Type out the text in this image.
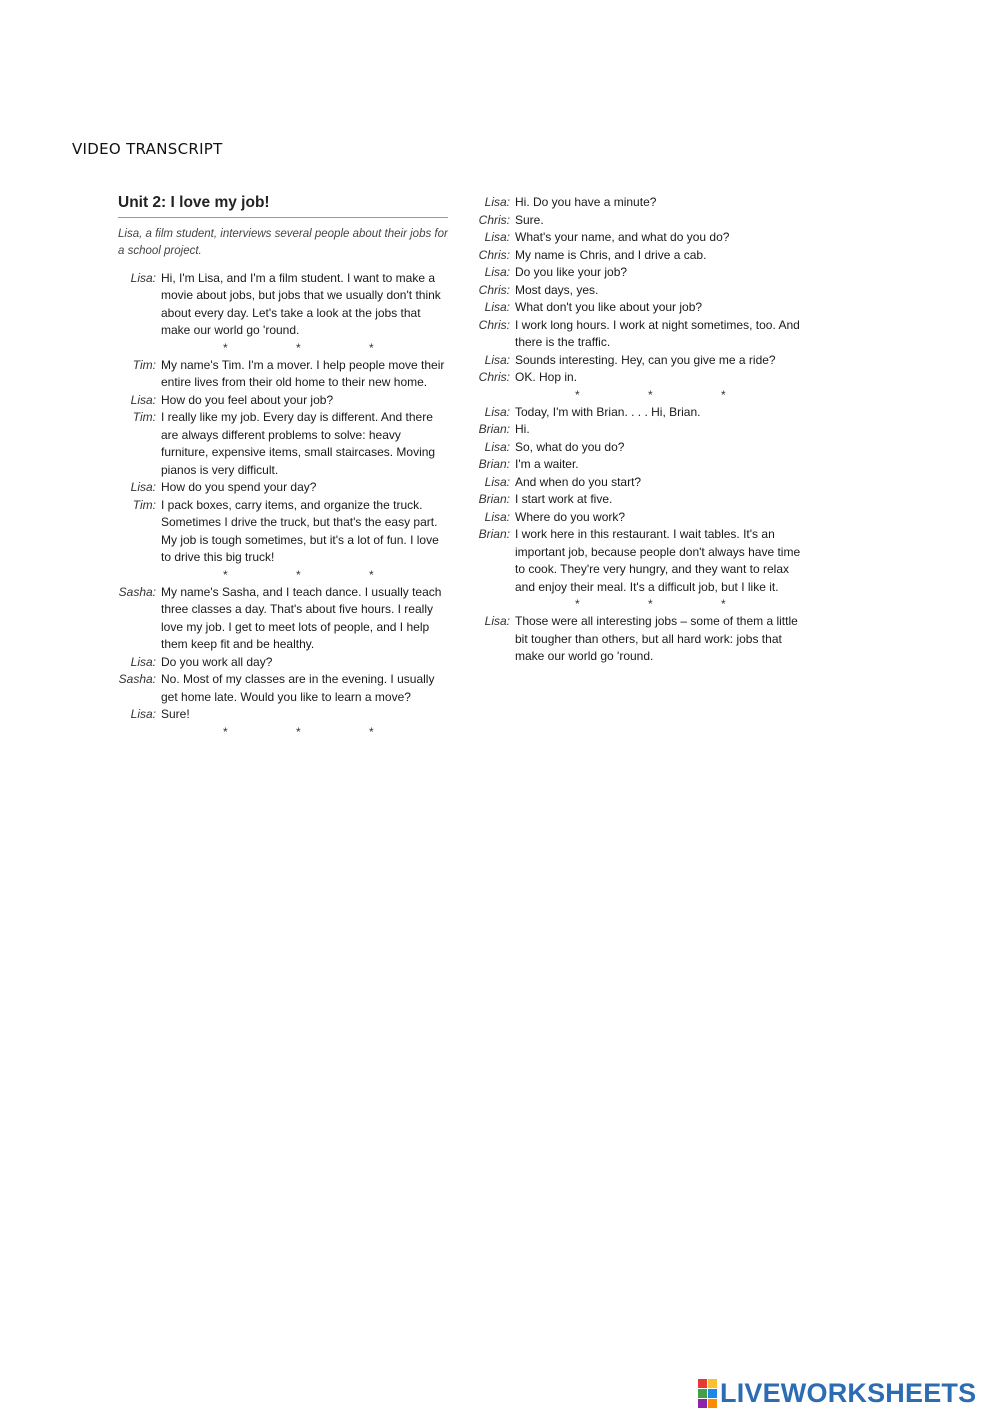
VIDEO TRANSCRIPT
Unit 2: I love my job!
Lisa, a film student, interviews several people about their jobs for a school project.
Lisa: Hi, I'm Lisa, and I'm a film student. I want to make a movie about jobs, but jobs that we usually don't think about every day. Let's take a look at the jobs that make our world go 'round.
*	*	*
Tim: My name's Tim. I'm a mover. I help people move their entire lives from their old home to their new home.
Lisa: How do you feel about your job?
Tim: I really like my job. Every day is different. And there are always different problems to solve: heavy furniture, expensive items, small staircases. Moving pianos is very difficult.
Lisa: How do you spend your day?
Tim: I pack boxes, carry items, and organize the truck. Sometimes I drive the truck, but that's the easy part. My job is tough sometimes, but it's a lot of fun. I love to drive this big truck!
*	*	*
Sasha: My name's Sasha, and I teach dance. I usually teach three classes a day. That's about five hours. I really love my job. I get to meet lots of people, and I help them keep fit and be healthy.
Lisa: Do you work all day?
Sasha: No. Most of my classes are in the evening. I usually get home late. Would you like to learn a move?
Lisa: Sure!
*	*	*
Lisa: Hi. Do you have a minute?
Chris: Sure.
Lisa: What's your name, and what do you do?
Chris: My name is Chris, and I drive a cab.
Lisa: Do you like your job?
Chris: Most days, yes.
Lisa: What don't you like about your job?
Chris: I work long hours. I work at night sometimes, too. And there is the traffic.
Lisa: Sounds interesting. Hey, can you give me a ride?
Chris: OK. Hop in.
*	*	*
Lisa: Today, I'm with Brian. . . . Hi, Brian.
Brian: Hi.
Lisa: So, what do you do?
Brian: I'm a waiter.
Lisa: And when do you start?
Brian: I start work at five.
Lisa: Where do you work?
Brian: I work here in this restaurant. I wait tables. It's an important job, because people don't always have time to cook. They're very hungry, and they want to relax and enjoy their meal. It's a difficult job, but I like it.
*	*	*
Lisa: Those were all interesting jobs – some of them a little bit tougher than others, but all hard work: jobs that make our world go 'round.
LIVEWORKSHEETS
